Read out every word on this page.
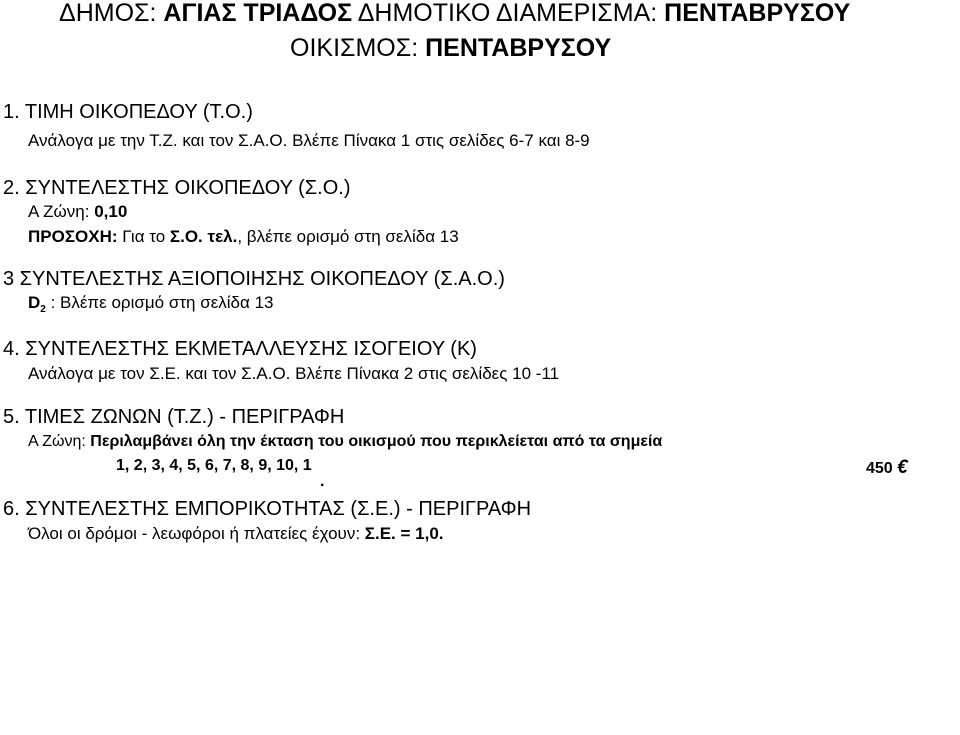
ΔΗΜΟΣ: ΑΓΙΑΣ ΤΡΙΑΔΟΣ ΔΗΜΟΤΙΚΟ ΔΙΑΜΕΡΙΣΜΑ: ΠΕΝΤΑΒΡΥΣΟΥ
ΟΙΚΙΣΜΟΣ: ΠΕΝΤΑΒΡΥΣΟΥ
1. ΤΙΜΗ ΟΙΚΟΠΕΔΟΥ (Τ.Ο.)
Ανάλογα με την Τ.Ζ. και τον Σ.Α.Ο. Βλέπε Πίνακα 1 στις σελίδες 6-7 και 8-9
2. ΣΥΝΤΕΛΕΣΤΗΣ ΟΙΚΟΠΕΔΟΥ (Σ.Ο.)
Α Ζώνη: 0,10
ΠΡΟΣΟΧΗ: Για το Σ.Ο. τελ., βλέπε ορισμό στη σελίδα 13
3 ΣΥΝΤΕΛΕΣΤΗΣ ΑΞΙΟΠΟΙΗΣΗΣ ΟΙΚΟΠΕΔΟΥ (Σ.Α.Ο.)
$D_2$ : Βλέπε ορισμό στη σελίδα 13
4. ΣΥΝΤΕΛΕΣΤΗΣ ΕΚΜΕΤΑΛΛΕΥΣΗΣ ΙΣΟΓΕΙΟΥ (Κ)
Ανάλογα με τον Σ.Ε. και τον Σ.Α.Ο. Βλέπε Πίνακα 2 στις σελίδες 10 -11
5. ΤΙΜΕΣ ΖΩΝΩΝ (Τ.Ζ.) - ΠΕΡΙΓΡΑΦΗ
Α Ζώνη: Περιλαμβάνει όλη την έκταση του οικισμού που περικλείεται από τα σημεία
1, 2, 3, 4, 5, 6, 7, 8, 9, 10, 1	450 €
.
6. ΣΥΝΤΕΛΕΣΤΗΣ ΕΜΠΟΡΙΚΟΤΗΤΑΣ (Σ.Ε.) - ΠΕΡΙΓΡΑΦΗ
Όλοι οι δρόμοι - λεωφόροι ή πλατείες έχουν: Σ.Ε. = 1,0.
